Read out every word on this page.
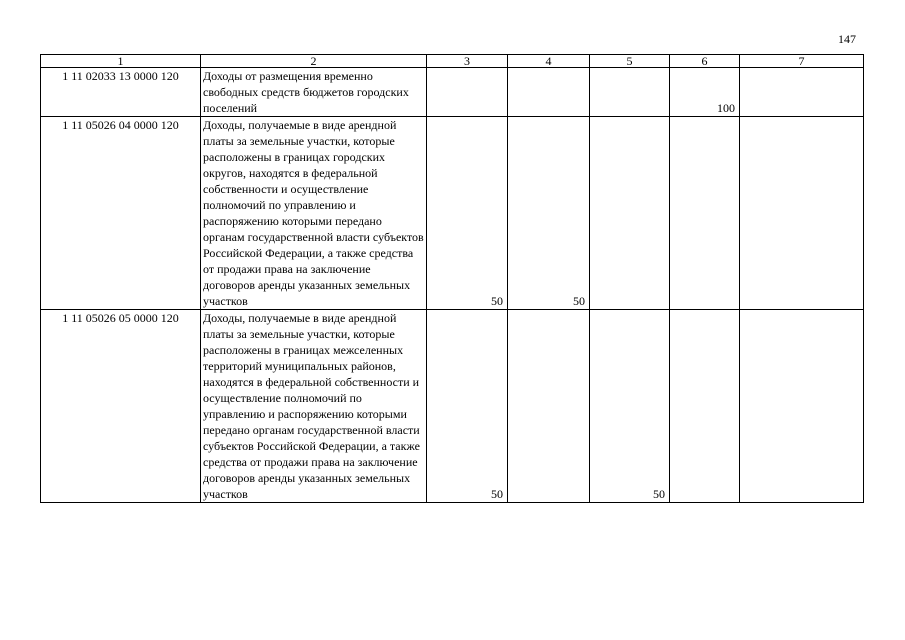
147
1	2	3	4	5	6	7
1 11 02033 13 0000 120	Доходы от размещения временно свободных средств бюджетов городских поселений				100	
1 11 05026 04 0000 120	Доходы, получаемые в виде арендной платы за земельные участки, которые расположены в границах городских округов, находятся в федеральной собственности и осуществление полномочий по управлению и распоряжению которыми передано органам государственной власти субъектов Российской Федерации, а также средства от продажи права на заключение договоров аренды указанных земельных участков	50	50			
1 11 05026 05 0000 120	Доходы, получаемые в виде арендной платы за земельные участки, которые расположены в границах межселенных территорий муниципальных районов, находятся в федеральной собственности и осуществление полномочий по управлению и распоряжению которыми передано органам государственной власти субъектов Российской Федерации, а также средства от продажи права на заключение договоров аренды указанных земельных участков	50		50		
